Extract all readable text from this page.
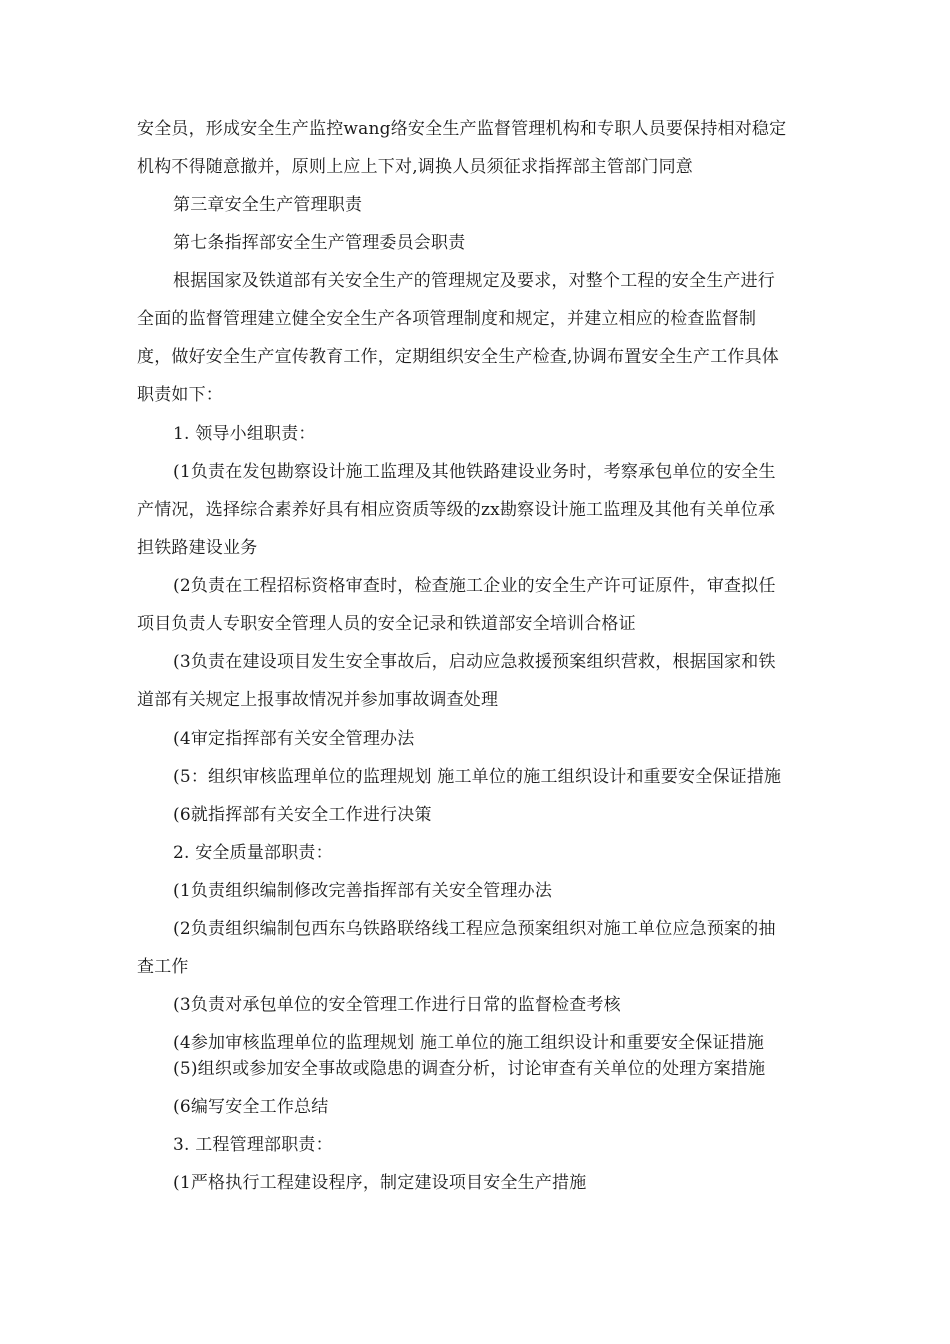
安全员，形成安全生产监控wang络安全生产监督管理机构和专职人员要保持相对稳定
机构不得随意撤并，原则上应上下对,调换人员须征求指挥部主管部门同意
第三章安全生产管理职责
第七条指挥部安全生产管理委员会职责
根据国家及铁道部有关安全生产的管理规定及要求，对整个工程的安全生产进行
全面的监督管理建立健全安全生产各项管理制度和规定，并建立相应的检查监督制
度，做好安全生产宣传教育工作，定期组织安全生产检查,协调布置安全生产工作具体
职责如下：
1. 领导小组职责：
(1负责在发包勘察设计施工监理及其他铁路建设业务时，考察承包单位的安全生
产情况，选择综合素养好具有相应资质等级的zx勘察设计施工监理及其他有关单位承
担铁路建设业务
(2负责在工程招标资格审查时，检查施工企业的安全生产许可证原件，审查拟任
项目负责人专职安全管理人员的安全记录和铁道部安全培训合格证
(3负责在建设项目发生安全事故后，启动应急救援预案组织营救，根据国家和铁
道部有关规定上报事故情况并参加事故调查处理
(4审定指挥部有关安全管理办法
(5：组织审核监理单位的监理规划 施工单位的施工组织设计和重要安全保证措施
(6就指挥部有关安全工作进行决策
2. 安全质量部职责：
(1负责组织编制修改完善指挥部有关安全管理办法
(2负责组织编制包西东乌铁路联络线工程应急预案组织对施工单位应急预案的抽
查工作
(3负责对承包单位的安全管理工作进行日常的监督检查考核
(4参加审核监理单位的监理规划 施工单位的施工组织设计和重要安全保证措施
(5)组织或参加安全事故或隐患的调查分析，讨论审查有关单位的处理方案措施
(6编写安全工作总结
3. 工程管理部职责：
(1严格执行工程建设程序，制定建设项目安全生产措施
